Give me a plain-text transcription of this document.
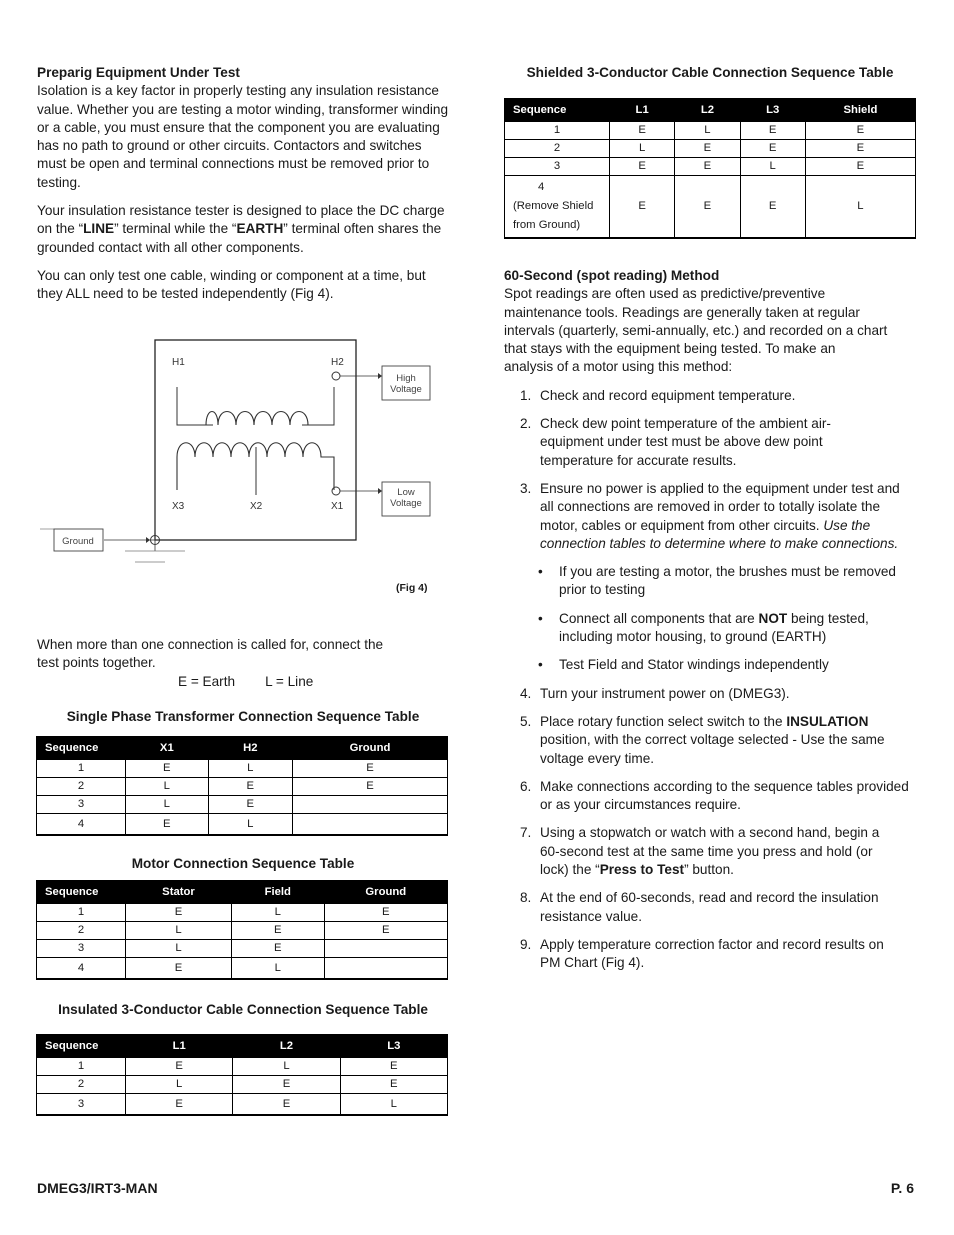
Preparig Equipment Under Test

Isolation is a key factor in properly testing any insulation resistance value. Whether you are testing a motor winding, transformer winding or a cable, you must ensure that the component you are evaluating has no path to ground or other circuits. Contactors and switches must be open and terminal connections must be removed prior to testing.

Your insulation resistance tester is designed to place the DC charge on the “LINE” terminal while the “EARTH” terminal often shares the grounded contact with all other components.

You can only test one cable, winding or component at a time, but they ALL need to be tested independently (Fig 4).

H1	H2
X3	X2	X1
High
Voltage
Low
Voltage
Ground
(Fig 4)

When more than one connection is called for, connect the test points together.

E = Earth L = Line

Single Phase Transformer Connection Sequence Table
Sequence	X1	H2	Ground
1	E	L	E
2	L	E	E
3	L	E	
4	E	L	
Motor Connection Sequence Table
Sequence	Stator	Field	Ground
1	E	L	E
2	L	E	E
3	L	E	
4	E	L	
Insulated 3-Conductor Cable Connection Sequence Table
Sequence	L1	L2	L3
1	E	L	E
2	L	E	E
3	E	E	L
Shielded 3-Conductor Cable Connection Sequence Table
Sequence	L1	L2	L3	Shield
1	E	L	E	E
2	L	E	E	E
3	E	E	L	E

4
(Remove Shield
from Ground)	E	E	E	L
60-Second (spot reading) Method

Spot readings are often used as predictive/preventive maintenance tools. Readings are generally taken at regular intervals (quarterly, semi-annually, etc.) and recorded on a chart that stays with the equipment being tested. To make an analysis of a motor using this method:

1. Check and record equipment temperature.
2. Check dew point temperature of the ambient air-equipment under test must be above dew point temperature for accurate results.
3. Ensure no power is applied to the equipment under test and all connections are removed in order to totally isolate the motor, cables or equipment from other circuits. Use the connection tables to determine where to make connections.
• If you are testing a motor, the brushes must be removed prior to testing
• Connect all components that are NOT being tested, including motor housing, to ground (EARTH)
• Test Field and Stator windings independently
4. Turn your instrument power on (DMEG3).
5. Place rotary function select switch to the INSULATION position, with the correct voltage selected - Use the same voltage every time.
6. Make connections according to the sequence tables provided or as your circumstances require.
7. Using a stopwatch or watch with a second hand, begin a 60-second test at the same time you press and hold (or lock) the “Press to Test” button.
8. At the end of 60-seconds, read and record the insulation resistance value.
9. Apply temperature correction factor and record results on PM Chart (Fig 4).
DMEG3/IRT3-MAN	P. 6
